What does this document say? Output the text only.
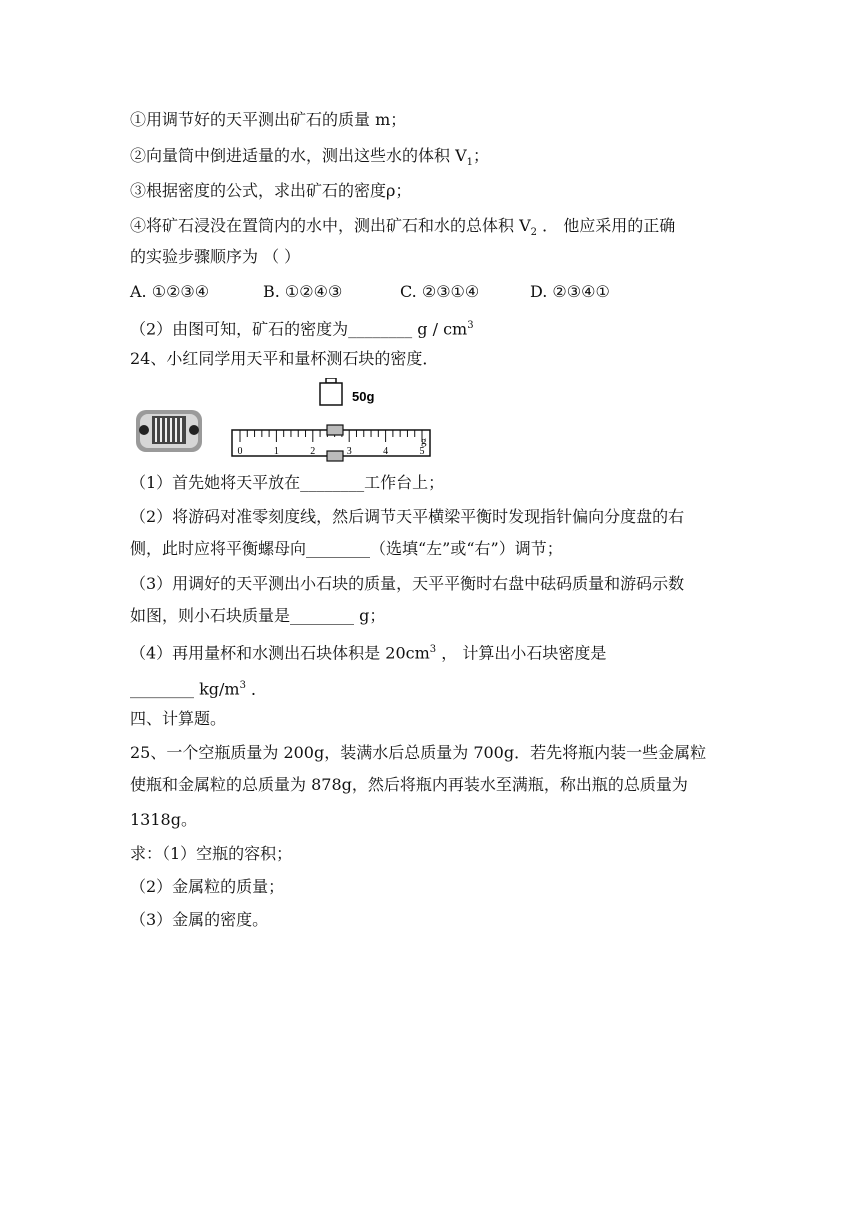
①用调节好的天平测出矿石的质量 m；
②向量筒中倒进适量的水，测出这些水的体积 $V_1$；
③根据密度的公式，求出矿石的密度ρ；
④将矿石浸没在置筒内的水中，测出矿石和水的总体积 $V_2$ ． 他应采用的正确
的实验步骤顺序为 （ ）
A. ①②③④	B. ①②④③	C. ②③①④	D. ②③④①
（2）由图可知，矿石的密度为________ g / $cm^3$
24、小红同学用天平和量杯测石块的密度．
50g
0	1	2	3	4	5
g
（1）首先她将天平放在________工作台上；
（2）将游码对准零刻度线，然后调节天平横梁平衡时发现指针偏向分度盘的右
侧，此时应将平衡螺母向________（选填“左”或“右”）调节；
（3）用调好的天平测出小石块的质量，天平平衡时右盘中砝码质量和游码示数
如图，则小石块质量是________ g；
（4）再用量杯和水测出石块体积是 $20cm^3$ ， 计算出小石块密度是
________ $kg/m^3$ ．
四、计算题。
25、一个空瓶质量为 200g，装满水后总质量为 700g．若先将瓶内装一些金属粒
使瓶和金属粒的总质量为 878g，然后将瓶内再装水至满瓶，称出瓶的总质量为
1318g。
求：（1）空瓶的容积；
（2）金属粒的质量；
（3）金属的密度。
